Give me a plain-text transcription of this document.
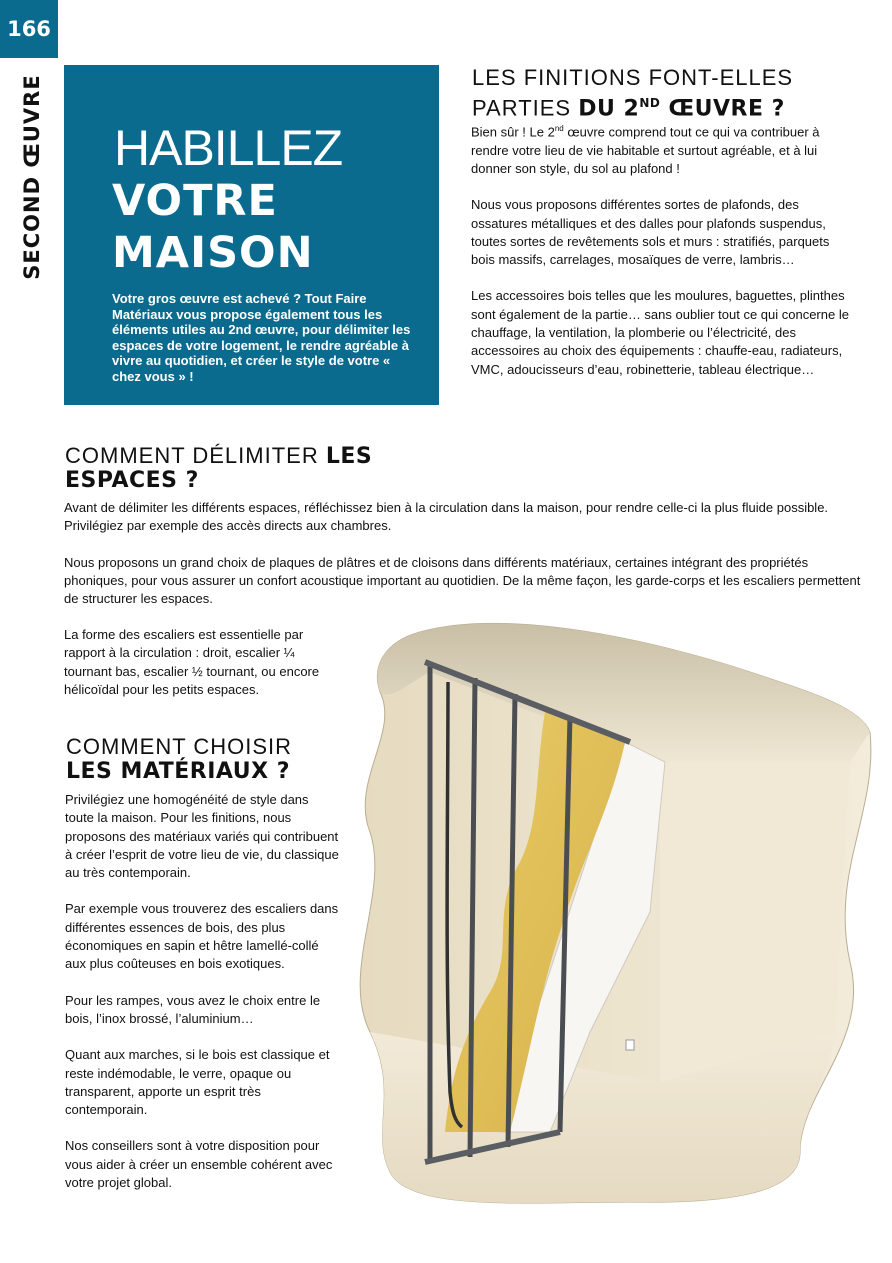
166
SECOND ŒUVRE HABILLEZ
VOTRE
MAISON
Votre gros œuvre est achevé ? Tout Faire Matériaux vous propose également tous les éléments utiles au 2nd œuvre, pour délimiter les espaces de votre logement, le rendre agréable à vivre au quotidien, et créer le style de votre « chez vous » !
LES FINITIONS FONT-ELLES
PARTIES DU 2ND ŒUVRE ?

Bien sûr ! Le 2nd œuvre comprend tout ce qui va contribuer à rendre votre lieu de vie habitable et surtout agréable, et à lui donner son style, du sol au plafond !

Nous vous proposons différentes sortes de plafonds, des ossatures métalliques et des dalles pour plafonds suspendus, toutes sortes de revêtements sols et murs : stratifiés, parquets bois massifs, carrelages, mosaïques de verre, lambris…

Les accessoires bois telles que les moulures, baguettes, plinthes sont également de la partie… sans oublier tout ce qui concerne le chauffage, la ventilation, la plomberie ou l’électricité, des accessoires au choix des équipements : chauffe-eau, radiateurs, VMC, adoucisseurs d’eau, robinetterie, tableau électrique…

COMMENT DÉLIMITER LES
ESPACES ?

Avant de délimiter les différents espaces, réfléchissez bien à la circulation dans la maison, pour rendre celle-ci la plus fluide possible. Privilégiez par exemple des accès directs aux chambres.

Nous proposons un grand choix de plaques de plâtres et de cloisons dans différents matériaux, certaines intégrant des propriétés phoniques, pour vous assurer un confort acoustique important au quotidien. De la même façon, les garde-corps et les escaliers permettent de structurer les espaces.

La forme des escaliers est essentielle par rapport à la circulation : droit, escalier ¼ tournant bas, escalier ½ tournant, ou encore hélicoïdal pour les petits espaces.

COMMENT CHOISIR
LES MATÉRIAUX ?

Privilégiez une homogénéité de style dans toute la maison. Pour les finitions, nous proposons des matériaux variés qui contribuent à créer l’esprit de votre lieu de vie, du classique au très contemporain.

Par exemple vous trouverez des escaliers dans différentes essences de bois, des plus économiques en sapin et hêtre lamellé-collé aux plus coûteuses en bois exotiques.

Pour les rampes, vous avez le choix entre le bois, l’inox brossé, l’aluminium…

Quant aux marches, si le bois est classique et reste indémodable, le verre, opaque ou transparent, apporte un esprit très contemporain.

Nos conseillers sont à votre disposition pour vous aider à créer un ensemble cohérent avec votre projet global.
